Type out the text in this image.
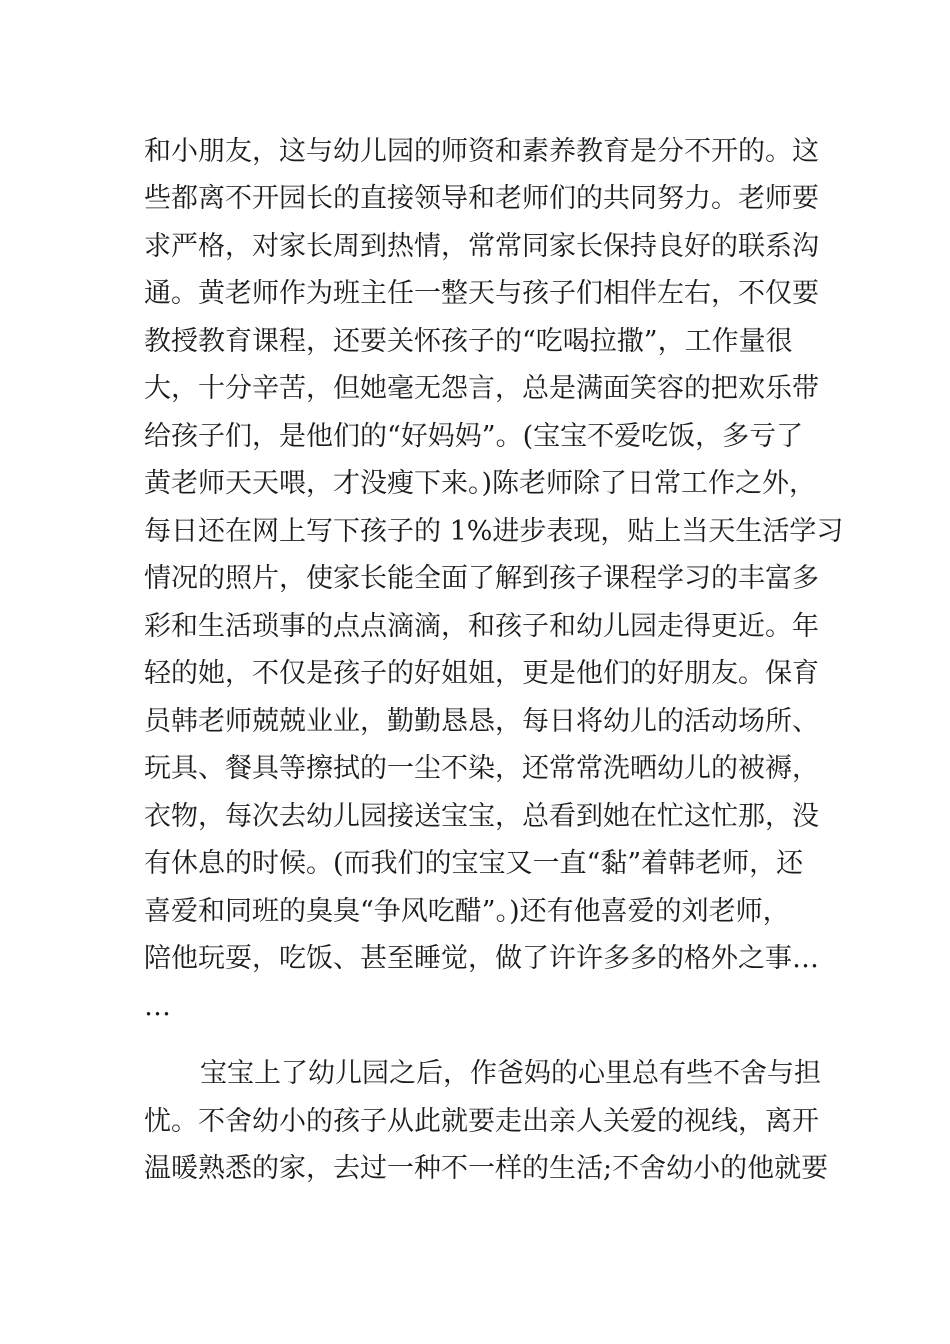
和小朋友，这与幼儿园的师资和素养教育是分不开的。这
些都离不开园长的直接领导和老师们的共同努力。老师要
求严格，对家长周到热情，常常同家长保持良好的联系沟
通。黄老师作为班主任一整天与孩子们相伴左右，不仅要
教授教育课程，还要关怀孩子的“吃喝拉撒”，工作量很
大，十分辛苦，但她毫无怨言，总是满面笑容的把欢乐带
给孩子们，是他们的“好妈妈”。(宝宝不爱吃饭，多亏了
黄老师天天喂，才没瘦下来。)陈老师除了日常工作之外，
每日还在网上写下孩子的 1%进步表现，贴上当天生活学习
情况的照片，使家长能全面了解到孩子课程学习的丰富多
彩和生活琐事的点点滴滴，和孩子和幼儿园走得更近。年
轻的她，不仅是孩子的好姐姐，更是他们的好朋友。保育
员韩老师兢兢业业，勤勤恳恳，每日将幼儿的活动场所、
玩具、餐具等擦拭的一尘不染，还常常洗晒幼儿的被褥，
衣物，每次去幼儿园接送宝宝，总看到她在忙这忙那，没
有休息的时候。(而我们的宝宝又一直“黏”着韩老师，还
喜爱和同班的臭臭“争风吃醋”。)还有他喜爱的刘老师，
陪他玩耍，吃饭、甚至睡觉，做了许许多多的格外之事…
…
宝宝上了幼儿园之后，作爸妈的心里总有些不舍与担
忧。不舍幼小的孩子从此就要走出亲人关爱的视线，离开
温暖熟悉的家，去过一种不一样的生活;不舍幼小的他就要
